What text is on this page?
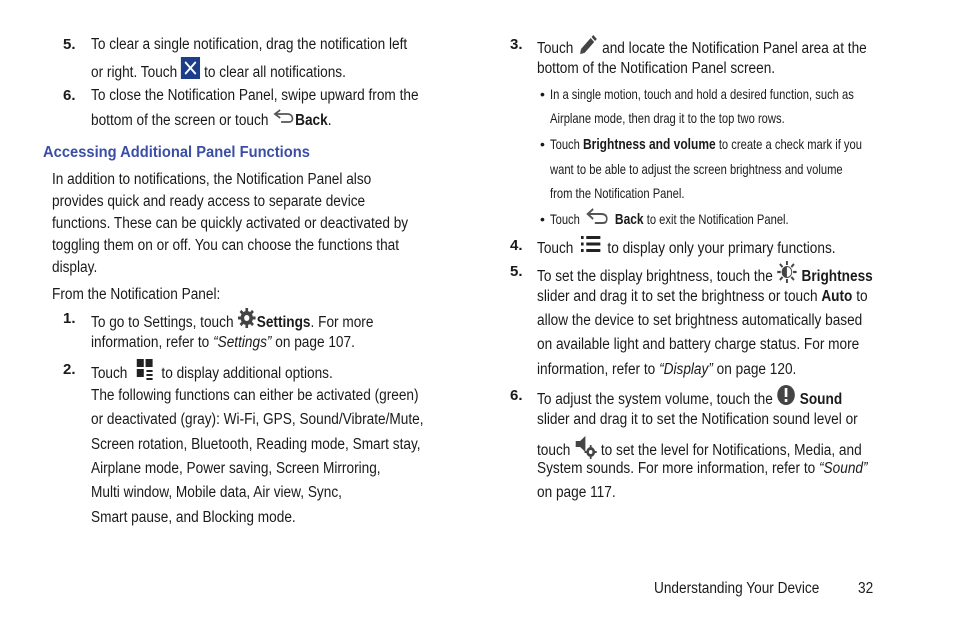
5. To clear a single notification, drag the notification left
or right. Touch to clear all notifications.
6. To close the Notification Panel, swipe upward from the
bottom of the screen or touch Back.
Accessing Additional Panel Functions
In addition to notifications, the Notification Panel also
provides quick and ready access to separate device
functions. These can be quickly activated or deactivated by
toggling them on or off. You can choose the functions that
display.
From the Notification Panel:
1. To go to Settings, touch Settings. For more
information, refer to “Settings” on page 107.
2. Touch to display additional options.
The following functions can either be activated (green)
or deactivated (gray): Wi-Fi, GPS, Sound/Vibrate/Mute,
Screen rotation, Bluetooth, Reading mode, Smart stay,
Airplane mode, Power saving, Screen Mirroring,
Multi window, Mobile data, Air view, Sync,
Smart pause, and Blocking mode.
3. Touch and locate the Notification Panel area at the
bottom of the Notification Panel screen.
• In a single motion, touch and hold a desired function, such as
Airplane mode, then drag it to the top two rows.
• Touch Brightness and volume to create a check mark if you
want to be able to adjust the screen brightness and volume
from the Notification Panel.
• Touch Back to exit the Notification Panel.
4. Touch to display only your primary functions.
5. To set the display brightness, touch the Brightness
slider and drag it to set the brightness or touch Auto to
allow the device to set brightness automatically based
on available light and battery charge status. For more
information, refer to “Display” on page 120.
6. To adjust the system volume, touch the Sound
slider and drag it to set the Notification sound level or
touch to set the level for Notifications, Media, and
System sounds. For more information, refer to “Sound”
on page 117.
Understanding Your Device 32
